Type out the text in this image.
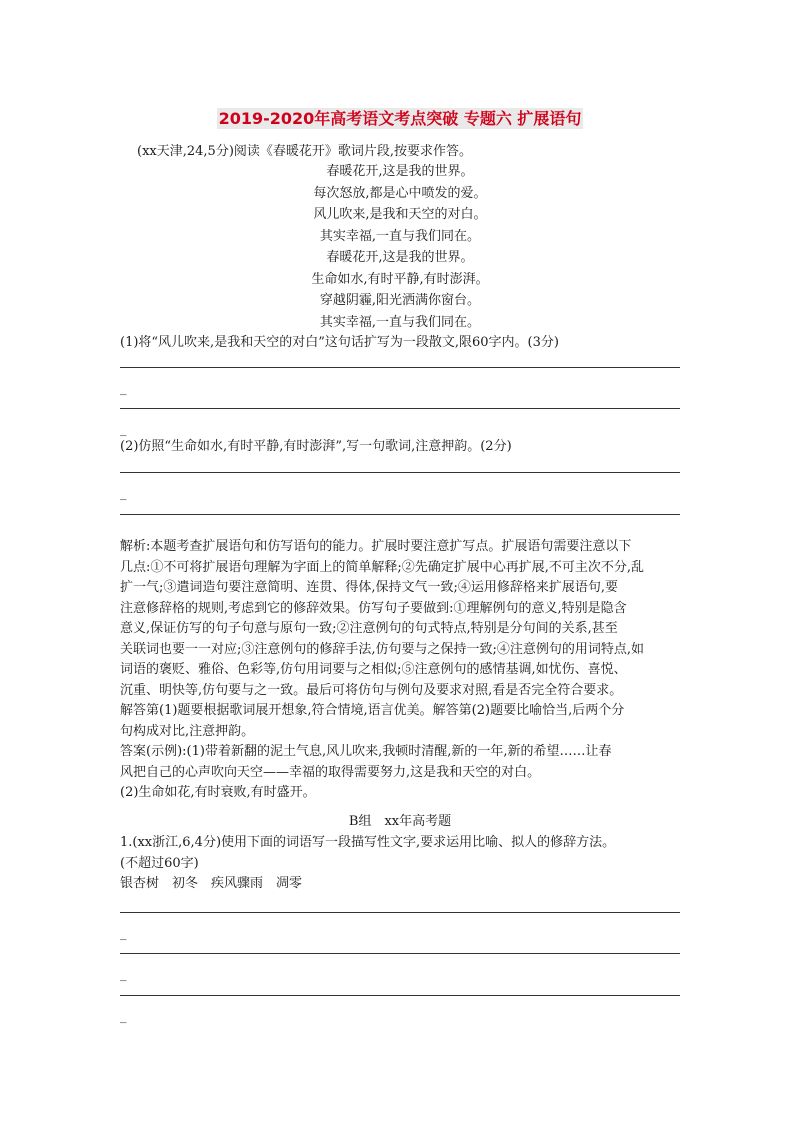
2019-2020年高考语文考点突破 专题六 扩展语句
(xx天津,24,5分)阅读《春暖花开》歌词片段,按要求作答。
春暖花开,这是我的世界。
每次怒放,都是心中喷发的爱。
风儿吹来,是我和天空的对白。
其实幸福,一直与我们同在。
春暖花开,这是我的世界。
生命如水,有时平静,有时澎湃。
穿越阴霾,阳光洒满你窗台。
其实幸福,一直与我们同在。
(1)将“风儿吹来,是我和天空的对白”这句话扩写为一段散文,限60字内。(3分)
_
_
(2)仿照“生命如水,有时平静,有时澎湃”,写一句歌词,注意押韵。(2分)
_
_
解析:本题考查扩展语句和仿写语句的能力。扩展时要注意扩写点。扩展语句需要注意以下
几点:①不可将扩展语句理解为字面上的简单解释;②先确定扩展中心再扩展,不可主次不分,乱
扩一气;③遣词造句要注意简明、连贯、得体,保持文气一致;④运用修辞格来扩展语句,要
注意修辞格的规则,考虑到它的修辞效果。仿写句子要做到:①理解例句的意义,特别是隐含
意义,保证仿写的句子句意与原句一致;②注意例句的句式特点,特别是分句间的关系,甚至
关联词也要一一对应;③注意例句的修辞手法,仿句要与之保持一致;④注意例句的用词特点,如
词语的褒贬、雅俗、色彩等,仿句用词要与之相似;⑤注意例句的感情基调,如忧伤、喜悦、
沉重、明快等,仿句要与之一致。最后可将仿句与例句及要求对照,看是否完全符合要求。
解答第(1)题要根据歌词展开想象,符合情境,语言优美。解答第(2)题要比喻恰当,后两个分
句构成对比,注意押韵。
答案(示例):(1)带着新翻的泥土气息,风儿吹来,我顿时清醒,新的一年,新的希望……让春
风把自己的心声吹向天空——幸福的取得需要努力,这是我和天空的对白。
(2)生命如花,有时衰败,有时盛开。
B组　xx年高考题
1.(xx浙江,6,4分)使用下面的词语写一段描写性文字,要求运用比喻、拟人的修辞方法。
(不超过60字)
银杏树　初冬　疾风骤雨　凋零
_
_
_
